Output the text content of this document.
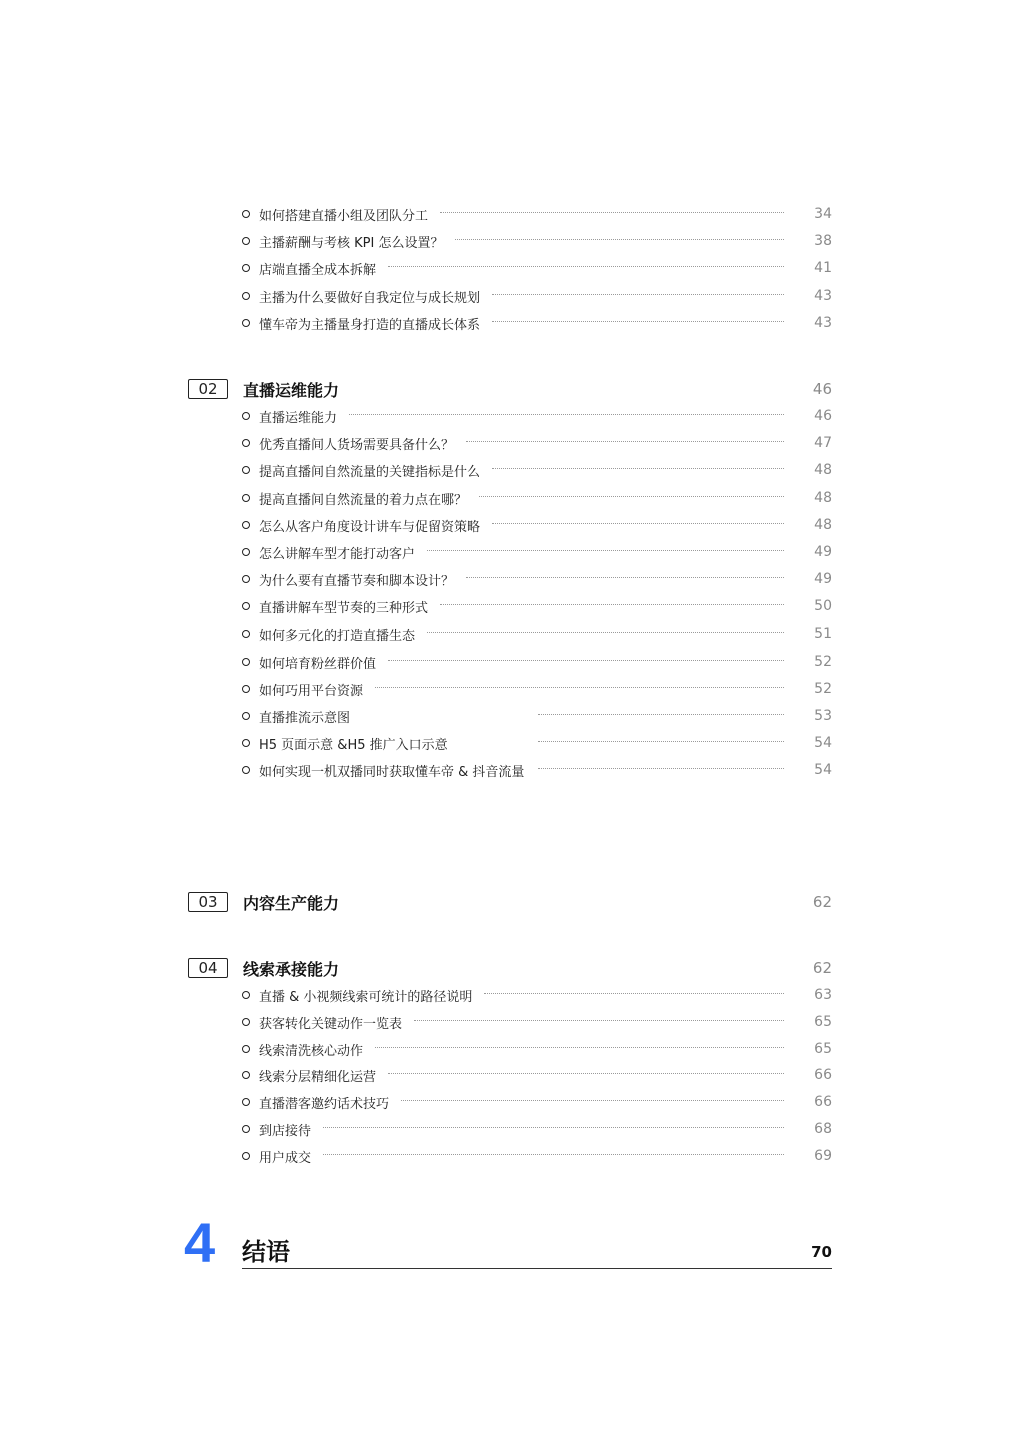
如何搭建直播小组及团队分工	34
主播薪酬与考核 KPI 怎么设置？	38
店端直播全成本拆解	41
主播为什么要做好自我定位与成长规划	43
懂车帝为主播量身打造的直播成长体系	43
02	直播运维能力	46
直播运维能力	46
优秀直播间人货场需要具备什么？	47
提高直播间自然流量的关键指标是什么	48
提高直播间自然流量的着力点在哪？	48
怎么从客户角度设计讲车与促留资策略	48
怎么讲解车型才能打动客户	49
为什么要有直播节奏和脚本设计？	49
直播讲解车型节奏的三种形式	50
如何多元化的打造直播生态	51
如何培育粉丝群价值	52
如何巧用平台资源	52
直播推流示意图	53
H5 页面示意 &H5 推广入口示意	54
如何实现一机双播同时获取懂车帝 & 抖音流量	54
03	内容生产能力	62
04	线索承接能力	62
直播 & 小视频线索可统计的路径说明	63
获客转化关键动作一览表	65
线索清洗核心动作	65
线索分层精细化运营	66
直播潜客邀约话术技巧	66
到店接待	68
用户成交	69
4 结语	70
